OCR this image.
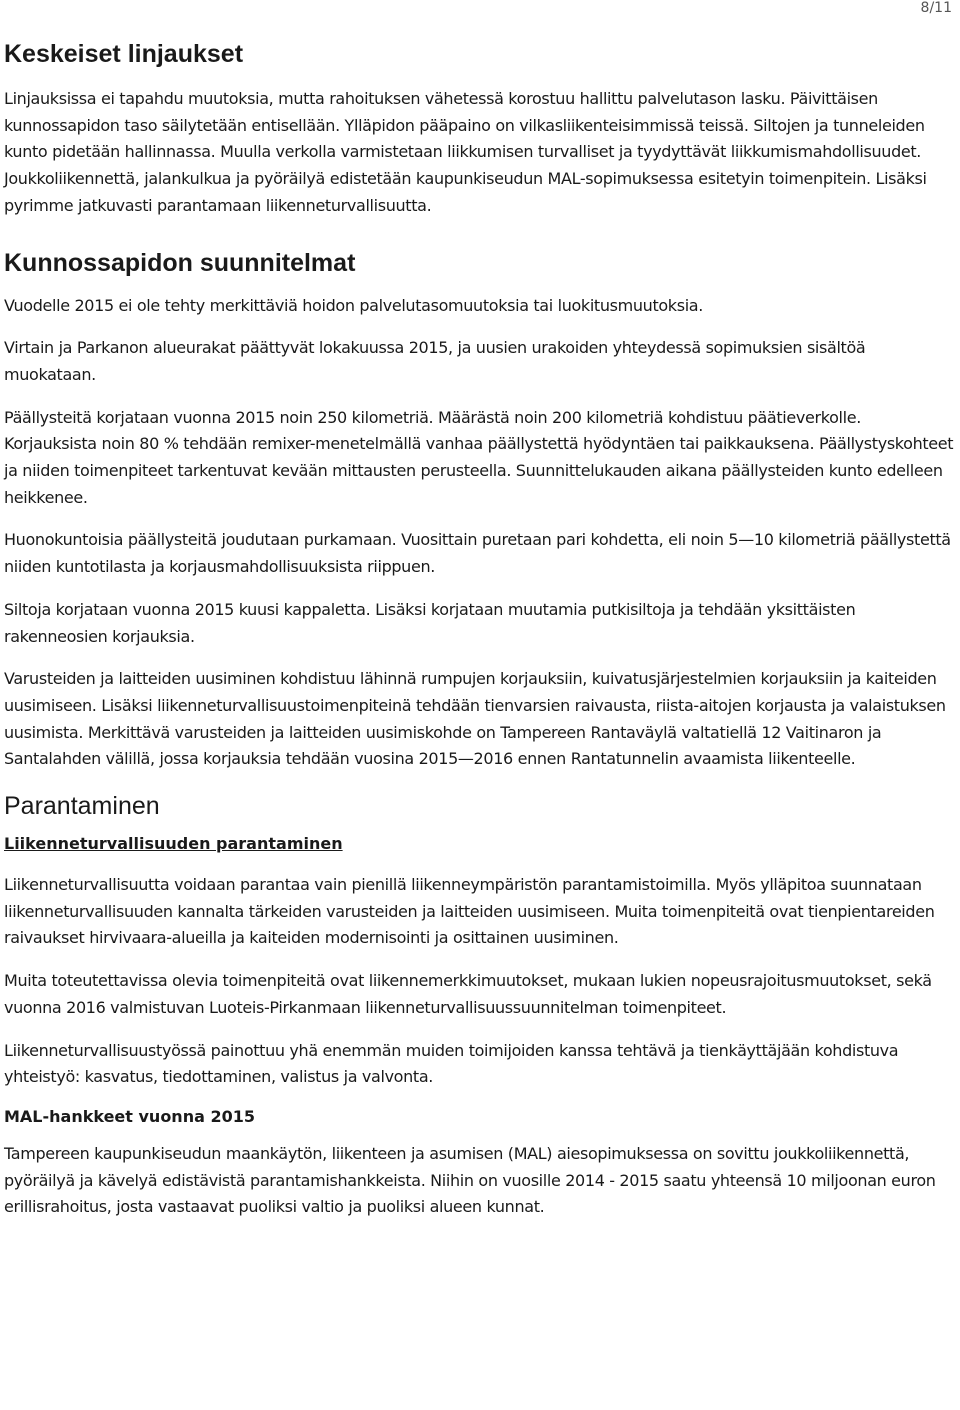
8/11
Keskeiset linjaukset

Linjauksissa ei tapahdu muutoksia, mutta rahoituksen vähetessä korostuu hallittu palvelutason lasku. Päivittäisen kunnossapidon taso säilytetään entisellään. Ylläpidon pääpaino on vilkasliikenteisimmissä teissä. Siltojen ja tunneleiden kunto pidetään hallinnassa. Muulla verkolla varmistetaan liikkumisen turvalliset ja tyydyttävät liikkumismahdollisuudet. Joukkoliikennettä, jalankulkua ja pyöräilyä edistetään kaupunkiseudun MAL-sopimuksessa esitetyin toimenpitein. Lisäksi pyrimme jatkuvasti parantamaan liikenneturvallisuutta.

Kunnossapidon suunnitelmat

Vuodelle 2015 ei ole tehty merkittäviä hoidon palvelutasomuutoksia tai luokitusmuutoksia.

Virtain ja Parkanon alueurakat päättyvät lokakuussa 2015, ja uusien urakoiden yhteydessä sopimuksien sisältöä muokataan.

Päällysteitä korjataan vuonna 2015 noin 250 kilometriä. Määrästä noin 200 kilometriä kohdistuu päätieverkolle. Korjauksista noin 80 % tehdään remixer-menetelmällä vanhaa päällystettä hyödyntäen tai paikkauksena. Päällystyskohteet ja niiden toimenpiteet tarkentuvat kevään mittausten perusteella. Suunnittelukauden aikana päällysteiden kunto edelleen heikkenee.

Huonokuntoisia päällysteitä joudutaan purkamaan. Vuosittain puretaan pari kohdetta, eli noin 5—10 kilometriä päällystettä niiden kuntotilasta ja korjausmahdollisuuksista riippuen.

Siltoja korjataan vuonna 2015 kuusi kappaletta. Lisäksi korjataan muutamia putkisiltoja ja tehdään yksittäisten rakenneosien korjauksia.

Varusteiden ja laitteiden uusiminen kohdistuu lähinnä rumpujen korjauksiin, kuivatusjärjestelmien korjauksiin ja kaiteiden uusimiseen. Lisäksi liikenneturvallisuustoimenpiteinä tehdään tienvarsien raivausta, riista-aitojen korjausta ja valaistuksen uusimista. Merkittävä varusteiden ja laitteiden uusimiskohde on Tampereen Rantaväylä valtatiellä 12 Vaitinaron ja Santalahden välillä, jossa korjauksia tehdään vuosina 2015—2016 ennen Rantatunnelin avaamista liikenteelle.

Parantaminen
Liikenneturvallisuuden parantaminen

Liikenneturvallisuutta voidaan parantaa vain pienillä liikenneympäristön parantamistoimilla. Myös ylläpitoa suunnataan liikenneturvallisuuden kannalta tärkeiden varusteiden ja laitteiden uusimiseen. Muita toimenpiteitä ovat tienpientareiden raivaukset hirvivaara-alueilla ja kaiteiden modernisointi ja osittainen uusiminen.

Muita toteutettavissa olevia toimenpiteitä ovat liikennemerkkimuutokset, mukaan lukien nopeusrajoitusmuutokset, sekä vuonna 2016 valmistuvan Luoteis-Pirkanmaan liikenneturvallisuussuunnitelman toimenpiteet.

Liikenneturvallisuustyössä painottuu yhä enemmän muiden toimijoiden kanssa tehtävä ja tienkäyttäjään kohdistuva yhteistyö: kasvatus, tiedottaminen, valistus ja valvonta.

MAL-hankkeet vuonna 2015

Tampereen kaupunkiseudun maankäytön, liikenteen ja asumisen (MAL) aiesopimuksessa on sovittu joukkoliikennettä, pyöräilyä ja kävelyä edistävistä parantamishankkeista. Niihin on vuosille 2014 - 2015 saatu yhteensä 10 miljoonan euron erillisrahoitus, josta vastaavat puoliksi valtio ja puoliksi alueen kunnat.
